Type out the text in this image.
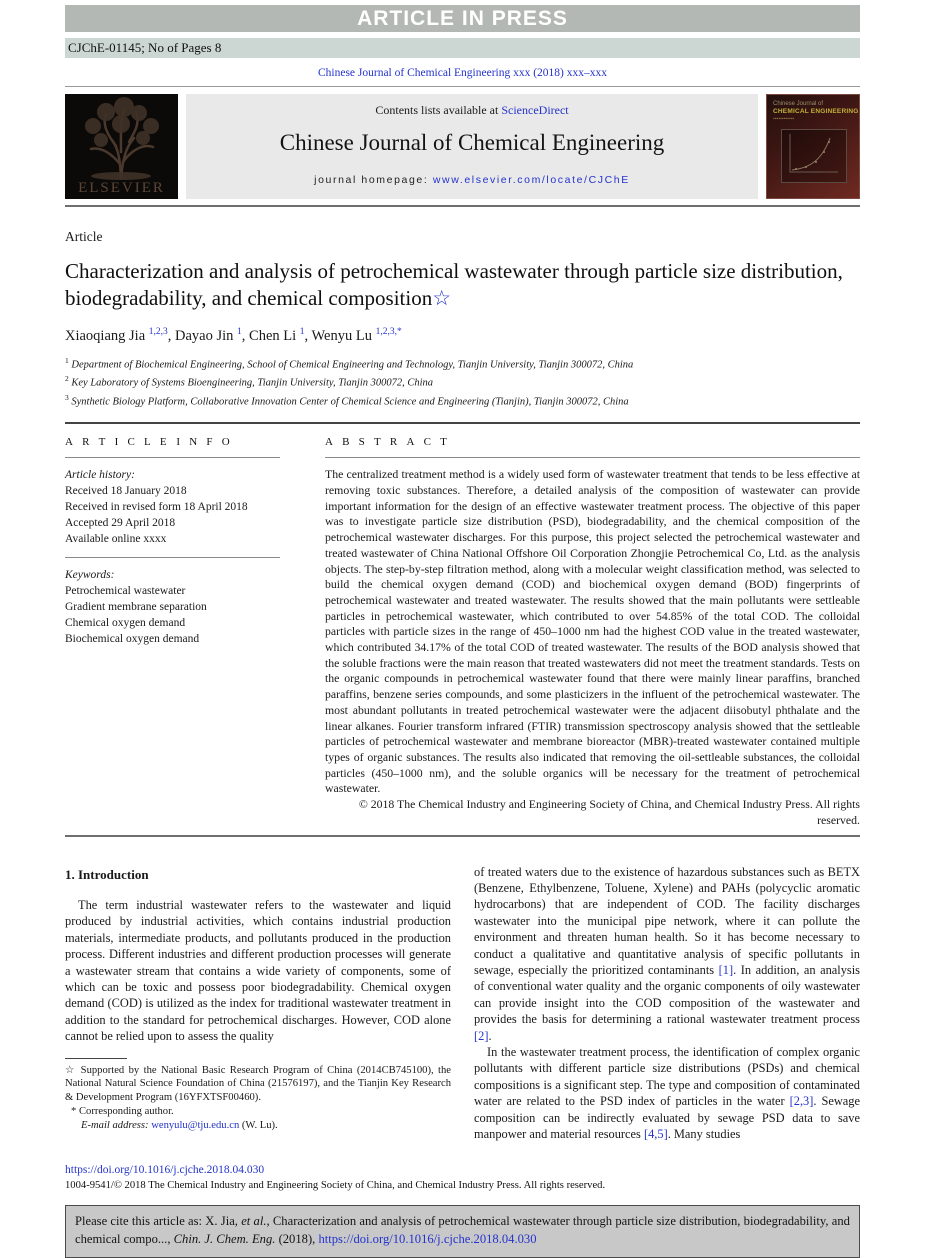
ARTICLE IN PRESS
CJChE-01145; No of Pages 8
Chinese Journal of Chemical Engineering xxx (2018) xxx–xxx
ELSEVIER
Contents lists available at ScienceDirect
Chinese Journal of Chemical Engineering
journal homepage: www.elsevier.com/locate/CJChE
Chinese Journal of
CHEMICAL ENGINEERING
▪▪▪▪▪▪▪▪▪▪▪▪
Article
Characterization and analysis of petrochemical wastewater through particle size distribution, biodegradability, and chemical composition☆
Xiaoqiang Jia $^{1,2,3}$, Dayao Jin $^1$, Chen Li $^1$, Wenyu Lu $^{1,2,3,*}$
$^1$ Department of Biochemical Engineering, School of Chemical Engineering and Technology, Tianjin University, Tianjin 300072, China
$^2$ Key Laboratory of Systems Bioengineering, Tianjin University, Tianjin 300072, China
$^3$ Synthetic Biology Platform, Collaborative Innovation Center of Chemical Science and Engineering (Tianjin), Tianjin 300072, China
A R T I C L E I N F O
Article history:
Received 18 January 2018
Received in revised form 18 April 2018
Accepted 29 April 2018
Available online xxxx
Keywords:
Petrochemical wastewater
Gradient membrane separation
Chemical oxygen demand
Biochemical oxygen demand
A B S T R A C T
The centralized treatment method is a widely used form of wastewater treatment that tends to be less effective at removing toxic substances. Therefore, a detailed analysis of the composition of wastewater can provide important information for the design of an effective wastewater treatment process. The objective of this paper was to investigate particle size distribution (PSD), biodegradability, and the chemical composition of the petrochemical wastewater discharges. For this purpose, this project selected the petrochemical wastewater and treated wastewater of China National Offshore Oil Corporation Zhongjie Petrochemical Co, Ltd. as the analysis objects. The step-by-step filtration method, along with a molecular weight classification method, was selected to build the chemical oxygen demand (COD) and biochemical oxygen demand (BOD) fingerprints of petrochemical wastewater and treated wastewater. The results showed that the main pollutants were settleable particles in petrochemical wastewater, which contributed to over 54.85% of the total COD. The colloidal particles with particle sizes in the range of 450–1000 nm had the highest COD value in the treated wastewater, which contributed 34.17% of the total COD of treated wastewater. The results of the BOD analysis showed that the soluble fractions were the main reason that treated wastewaters did not meet the treatment standards. Tests on the organic compounds in petrochemical wastewater found that there were mainly linear paraffins, branched paraffins, benzene series compounds, and some plasticizers in the influent of the petrochemical wastewater. The most abundant pollutants in treated petrochemical wastewater were the adjacent diisobutyl phthalate and the linear alkanes. Fourier transform infrared (FTIR) transmission spectroscopy analysis showed that the settleable particles of petrochemical wastewater and membrane bioreactor (MBR)-treated wastewater contained multiple types of organic substances. The results also indicated that removing the oil-settleable substances, the colloidal particles (450–1000 nm), and the soluble organics will be necessary for the treatment of petrochemical wastewater.
© 2018 The Chemical Industry and Engineering Society of China, and Chemical Industry Press. All rights reserved.
1. Introduction
The term industrial wastewater refers to the wastewater and liquid produced by industrial activities, which contains industrial production materials, intermediate products, and pollutants produced in the production process. Different industries and different production processes will generate a wastewater stream that contains a wide variety of components, some of which can be toxic and possess poor biodegradability. Chemical oxygen demand (COD) is utilized as the index for traditional wastewater treatment in addition to the standard for petrochemical discharges. However, COD alone cannot be relied upon to assess the quality
☆ Supported by the National Basic Research Program of China (2014CB745100), the National Natural Science Foundation of China (21576197), and the Tianjin Key Research & Development Program (16YFXTSF00460).
* Corresponding author.
E-mail address: wenyulu@tju.edu.cn (W. Lu).
of treated waters due to the existence of hazardous substances such as BETX (Benzene, Ethylbenzene, Toluene, Xylene) and PAHs (polycyclic aromatic hydrocarbons) that are independent of COD. The facility discharges wastewater into the municipal pipe network, where it can pollute the environment and threaten human health. So it has become necessary to conduct a qualitative and quantitative analysis of specific pollutants in sewage, especially the prioritized contaminants [1]. In addition, an analysis of conventional water quality and the organic components of oily wastewater can provide insight into the COD composition of the wastewater and provides the basis for determining a rational wastewater treatment process [2].
In the wastewater treatment process, the identification of complex organic pollutants with different particle size distributions (PSDs) and chemical compositions is a significant step. The type and composition of contaminated water are related to the PSD index of particles in the water [2,3]. Sewage composition can be indirectly evaluated by sewage PSD data to save manpower and material resources [4,5]. Many studies
https://doi.org/10.1016/j.cjche.2018.04.030
1004-9541/© 2018 The Chemical Industry and Engineering Society of China, and Chemical Industry Press. All rights reserved.
Please cite this article as: X. Jia, et al., Characterization and analysis of petrochemical wastewater through particle size distribution, biodegradability, and chemical compo..., Chin. J. Chem. Eng. (2018), https://doi.org/10.1016/j.cjche.2018.04.030
